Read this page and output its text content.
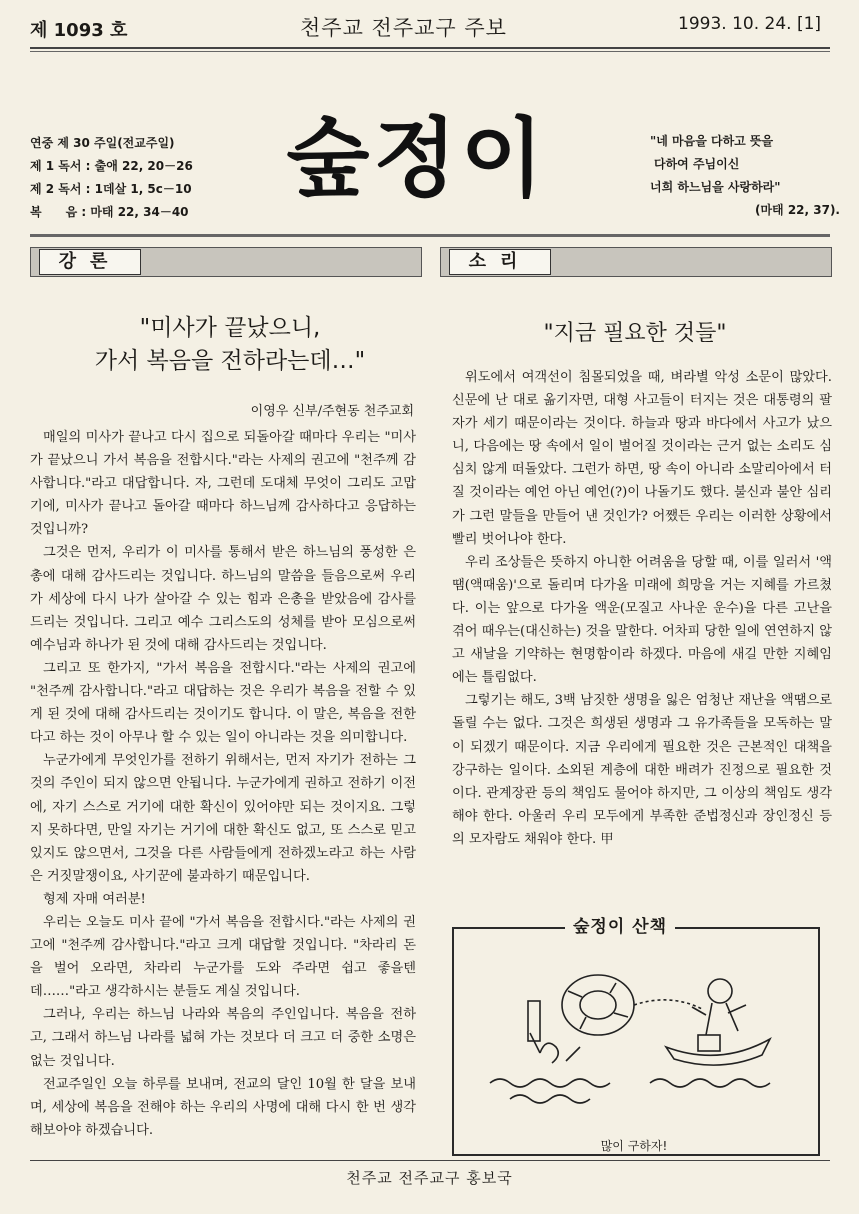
제 1093 호	천주교 전주교구 주보	1993. 10. 24. [1]
연중 제 30 주일(전교주일)
제 1 독서 : 출애 22, 20－26
제 2 독서 : 1데살 1, 5c－10
복　　음 : 마태 22, 34－40
숲정이	"네 마음을 다하고 뜻을
다하여 주님이신
너희 하느님을 사랑하라"
(마태 22, 37).
강론	소리
"미사가 끝났으니,
가서 복음을 전하라는데…"
이영우 신부/주현동 천주교회

매일의 미사가 끝나고 다시 집으로 되돌아갈 때마다 우리는 "미사가 끝났으니 가서 복음을 전합시다."라는 사제의 권고에 "천주께 감사합니다."라고 대답합니다. 자, 그런데 도대체 무엇이 그리도 고맙기에, 미사가 끝나고 돌아갈 때마다 하느님께 감사하다고 응답하는 것입니까?

그것은 먼저, 우리가 이 미사를 통해서 받은 하느님의 풍성한 은총에 대해 감사드리는 것입니다. 하느님의 말씀을 들음으로써 우리가 세상에 다시 나가 살아갈 수 있는 힘과 은총을 받았음에 감사를 드리는 것입니다. 그리고 예수 그리스도의 성체를 받아 모심으로써 예수님과 하나가 된 것에 대해 감사드리는 것입니다.

그리고 또 한가지, "가서 복음을 전합시다."라는 사제의 권고에 "천주께 감사합니다."라고 대답하는 것은 우리가 복음을 전할 수 있게 된 것에 대해 감사드리는 것이기도 합니다. 이 말은, 복음을 전한다고 하는 것이 아무나 할 수 있는 일이 아니라는 것을 의미합니다.

누군가에게 무엇인가를 전하기 위해서는, 먼저 자기가 전하는 그것의 주인이 되지 않으면 안됩니다. 누군가에게 권하고 전하기 이전에, 자기 스스로 거기에 대한 확신이 있어야만 되는 것이지요. 그렇지 못하다면, 만일 자기는 거기에 대한 확신도 없고, 또 스스로 믿고 있지도 않으면서, 그것을 다른 사람들에게 전하겠노라고 하는 사람은 거짓말쟁이요, 사기꾼에 불과하기 때문입니다.

형제 자매 여러분!

우리는 오늘도 미사 끝에 "가서 복음을 전합시다."라는 사제의 권고에 "천주께 감사합니다."라고 크게 대답할 것입니다. "차라리 돈을 벌어 오라면, 차라리 누군가를 도와 주라면 쉽고 좋을텐데……"라고 생각하시는 분들도 계실 것입니다.

그러나, 우리는 하느님 나라와 복음의 주인입니다. 복음을 전하고, 그래서 하느님 나라를 넓혀 가는 것보다 더 크고 더 중한 소명은 없는 것입니다.

전교주일인 오늘 하루를 보내며, 전교의 달인 10월 한 달을 보내며, 세상에 복음을 전해야 하는 우리의 사명에 대해 다시 한 번 생각해보아야 하겠습니다.

"지금 필요한 것들"

위도에서 여객선이 침몰되었을 때, 벼라별 악성 소문이 많았다. 신문에 난 대로 옮기자면, 대형 사고들이 터지는 것은 대통령의 팔자가 세기 때문이라는 것이다. 하늘과 땅과 바다에서 사고가 났으니, 다음에는 땅 속에서 일이 벌어질 것이라는 근거 없는 소리도 심심치 않게 떠돌았다. 그런가 하면, 땅 속이 아니라 소말리아에서 터질 것이라는 예언 아닌 예언(?)이 나돌기도 했다. 불신과 불안 심리가 그런 말들을 만들어 낸 것인가? 어쨌든 우리는 이러한 상황에서 빨리 벗어나야 한다.

우리 조상들은 뜻하지 아니한 어려움을 당할 때, 이를 일러서 '액땜(액때움)'으로 돌리며 다가올 미래에 희망을 거는 지혜를 가르쳤다. 이는 앞으로 다가올 액운(모질고 사나운 운수)을 다른 고난을 겪어 때우는(대신하는) 것을 말한다. 어차피 당한 일에 연연하지 않고 새날을 기약하는 현명함이라 하겠다. 마음에 새길 만한 지혜임에는 틀림없다.

그렇기는 해도, 3백 남짓한 생명을 잃은 엄청난 재난을 액땜으로 돌릴 수는 없다. 그것은 희생된 생명과 그 유가족들을 모독하는 말이 되겠기 때문이다. 지금 우리에게 필요한 것은 근본적인 대책을 강구하는 일이다. 소외된 계층에 대한 배려가 진정으로 필요한 것이다. 관계장관 등의 책임도 물어야 하지만, 그 이상의 책임도 생각해야 한다. 아울러 우리 모두에게 부족한 준법정신과 장인정신 등의 모자람도 채워야 한다. 甲

숲정이 산책
많이 구하자!
천주교 전주교구 홍보국
